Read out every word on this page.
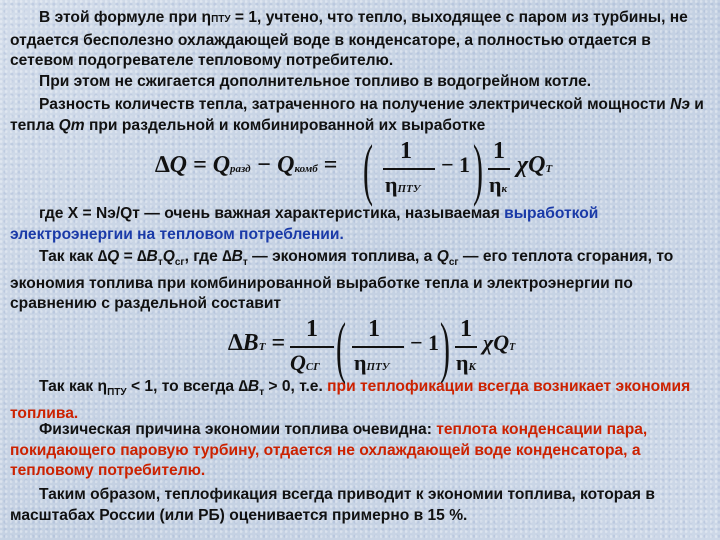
В этой формуле при ηПТУ = 1, учтено, что тепло, выходящее с паром из турбины, не отдается бесполезно охлаждающей воде в конденсаторе, а полностью отдается в сетевом подогревателе тепловому потребителю.

При этом не сжигается дополнительное топливо в водогрейном котле.

Разность количеств тепла, затраченного на получение электрической мощности Nэ и тепла Qт при раздельной и комбинированной их выработке

∆Q = Qразд − Qкомб = ( 1
ηПТУ
− 1 ) 1
ηк
χQТ

где Χ = Nэ/Qт — очень важная характеристика, называемая выработкой электроэнергии на тепловом потреблении.

Так как $\Delta Q = \Delta B_тQ_{сг}$, где $\Delta B_т$ — экономия топлива, а $Q_{сг}$ — его теплота сгорания, то экономия топлива при комбинированной выработке тепла и электроэнергии по сравнению с раздельной составит

∆BТ =
1
QСГ ( 1
ηПТУ
− 1 ) 1
ηК
χQТ

Так как $\eta_{ПТУ} < 1$, то всегда $\Delta B_т > 0$, т.е. при теплофикации всегда возникает экономия топлива.

Физическая причина экономии топлива очевидна: теплота конденсации пара, покидающего паровую турбину, отдается не охлаждающей воде конденсатора, а тепловому потребителю.

Таким образом, теплофикация всегда приводит к экономии топлива, которая в масштабах России (или РБ) оценивается примерно в 15 %.
